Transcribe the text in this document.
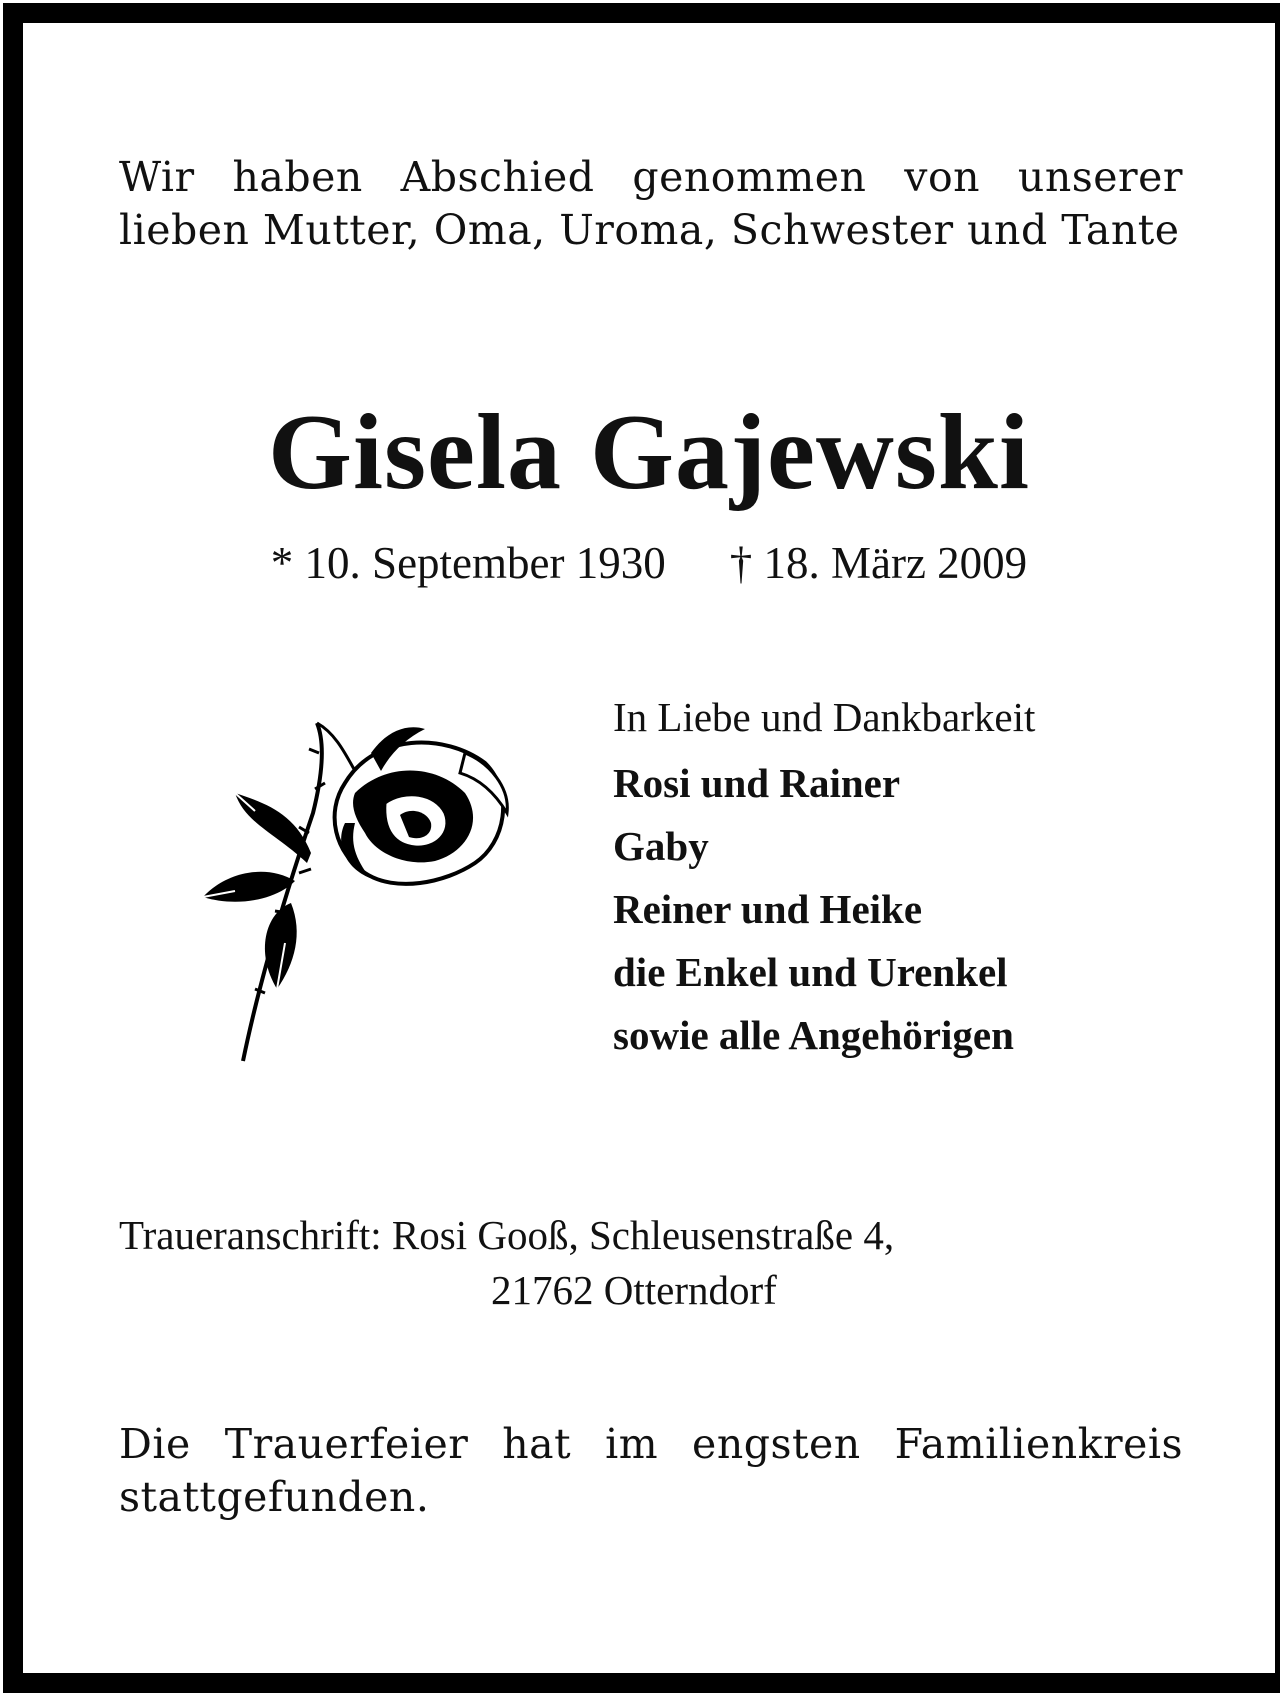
Wir haben Abschied genommen von unserer lieben Mutter, Oma, Uroma, Schwester und Tante

Gisela Gajewski

* 10. September 1930 † 18. März 2009

In Liebe und Dankbarkeit

Rosi und Rainer
Gaby
Reiner und Heike
die Enkel und Urenkel
sowie alle Angehörigen

Traueranschrift: Rosi Gooß, Schleusenstraße 4,
21762 Otterndorf

Die Trauerfeier hat im engsten Familienkreis stattgefunden.
